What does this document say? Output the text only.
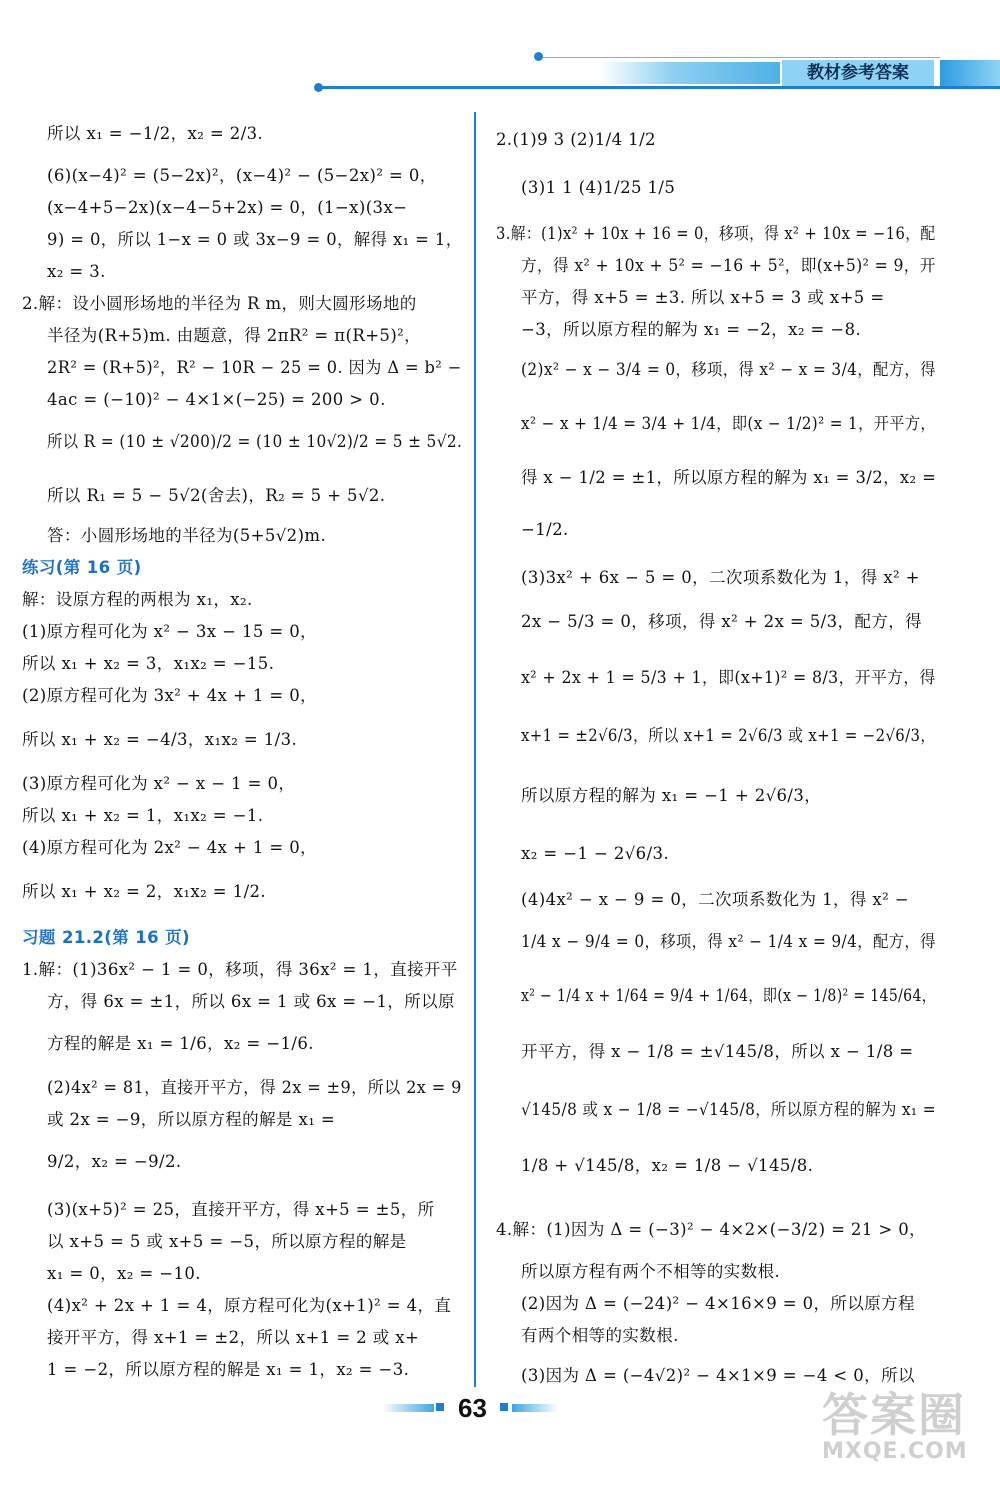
教材参考答案
所以 x₁ = −1/2，x₂ = 2/3.
(6)(x−4)² = (5−2x)²，(x−4)² − (5−2x)² = 0，
(x−4+5−2x)(x−4−5+2x) = 0，(1−x)(3x−
9) = 0，所以 1−x = 0 或 3x−9 = 0，解得 x₁ = 1，
x₂ = 3.
2.解：设小圆形场地的半径为 R m，则大圆形场地的
半径为(R+5)m. 由题意，得 2πR² = π(R+5)²，
2R² = (R+5)²，R² − 10R − 25 = 0. 因为 Δ = b² −
4ac = (−10)² − 4×1×(−25) = 200 > 0.
所以 R = (10 ± √200)/2 = (10 ± 10√2)/2 = 5 ± 5√2.
所以 R₁ = 5 − 5√2(舍去)，R₂ = 5 + 5√2.
答：小圆形场地的半径为(5+5√2)m.
练习(第 16 页)
解：设原方程的两根为 x₁，x₂.
(1)原方程可化为 x² − 3x − 15 = 0，
所以 x₁ + x₂ = 3，x₁x₂ = −15.
(2)原方程可化为 3x² + 4x + 1 = 0，
所以 x₁ + x₂ = −4/3，x₁x₂ = 1/3.
(3)原方程可化为 x² − x − 1 = 0，
所以 x₁ + x₂ = 1，x₁x₂ = −1.
(4)原方程可化为 2x² − 4x + 1 = 0，
所以 x₁ + x₂ = 2，x₁x₂ = 1/2.
习题 21.2(第 16 页)
1.解：(1)36x² − 1 = 0，移项，得 36x² = 1，直接开平
方，得 6x = ±1，所以 6x = 1 或 6x = −1，所以原
方程的解是 x₁ = 1/6，x₂ = −1/6.
(2)4x² = 81，直接开平方，得 2x = ±9，所以 2x = 9
或 2x = −9，所以原方程的解是 x₁ =
9/2，x₂ = −9/2.
(3)(x+5)² = 25，直接开平方，得 x+5 = ±5，所
以 x+5 = 5 或 x+5 = −5，所以原方程的解是
x₁ = 0，x₂ = −10.
(4)x² + 2x + 1 = 4，原方程可化为(x+1)² = 4，直
接开平方，得 x+1 = ±2，所以 x+1 = 2 或 x+
1 = −2，所以原方程的解是 x₁ = 1，x₂ = −3.
2.(1)9 3 (2)1/4 1/2
(3)1 1 (4)1/25 1/5
3.解：(1)x² + 10x + 16 = 0，移项，得 x² + 10x = −16，配
方，得 x² + 10x + 5² = −16 + 5²，即(x+5)² = 9，开
平方，得 x+5 = ±3. 所以 x+5 = 3 或 x+5 =
−3，所以原方程的解为 x₁ = −2，x₂ = −8.
(2)x² − x − 3/4 = 0，移项，得 x² − x = 3/4，配方，得
x² − x + 1/4 = 3/4 + 1/4，即(x − 1/2)² = 1，开平方，
得 x − 1/2 = ±1，所以原方程的解为 x₁ = 3/2，x₂ =
−1/2.
(3)3x² + 6x − 5 = 0，二次项系数化为 1，得 x² +
2x − 5/3 = 0，移项，得 x² + 2x = 5/3，配方，得
x² + 2x + 1 = 5/3 + 1，即(x+1)² = 8/3，开平方，得
x+1 = ±2√6/3，所以 x+1 = 2√6/3 或 x+1 = −2√6/3，
所以原方程的解为 x₁ = −1 + 2√6/3，
x₂ = −1 − 2√6/3.
(4)4x² − x − 9 = 0，二次项系数化为 1，得 x² −
1/4 x − 9/4 = 0，移项，得 x² − 1/4 x = 9/4，配方，得
x² − 1/4 x + 1/64 = 9/4 + 1/64，即(x − 1/8)² = 145/64，
开平方，得 x − 1/8 = ±√145/8，所以 x − 1/8 =
√145/8 或 x − 1/8 = −√145/8，所以原方程的解为 x₁ =
1/8 + √145/8，x₂ = 1/8 − √145/8.
4.解：(1)因为 Δ = (−3)² − 4×2×(−3/2) = 21 > 0，
所以原方程有两个不相等的实数根.
(2)因为 Δ = (−24)² − 4×16×9 = 0，所以原方程
有两个相等的实数根.
(3)因为 Δ = (−4√2)² − 4×1×9 = −4 < 0，所以
63	答案圈
MXQE.COM
